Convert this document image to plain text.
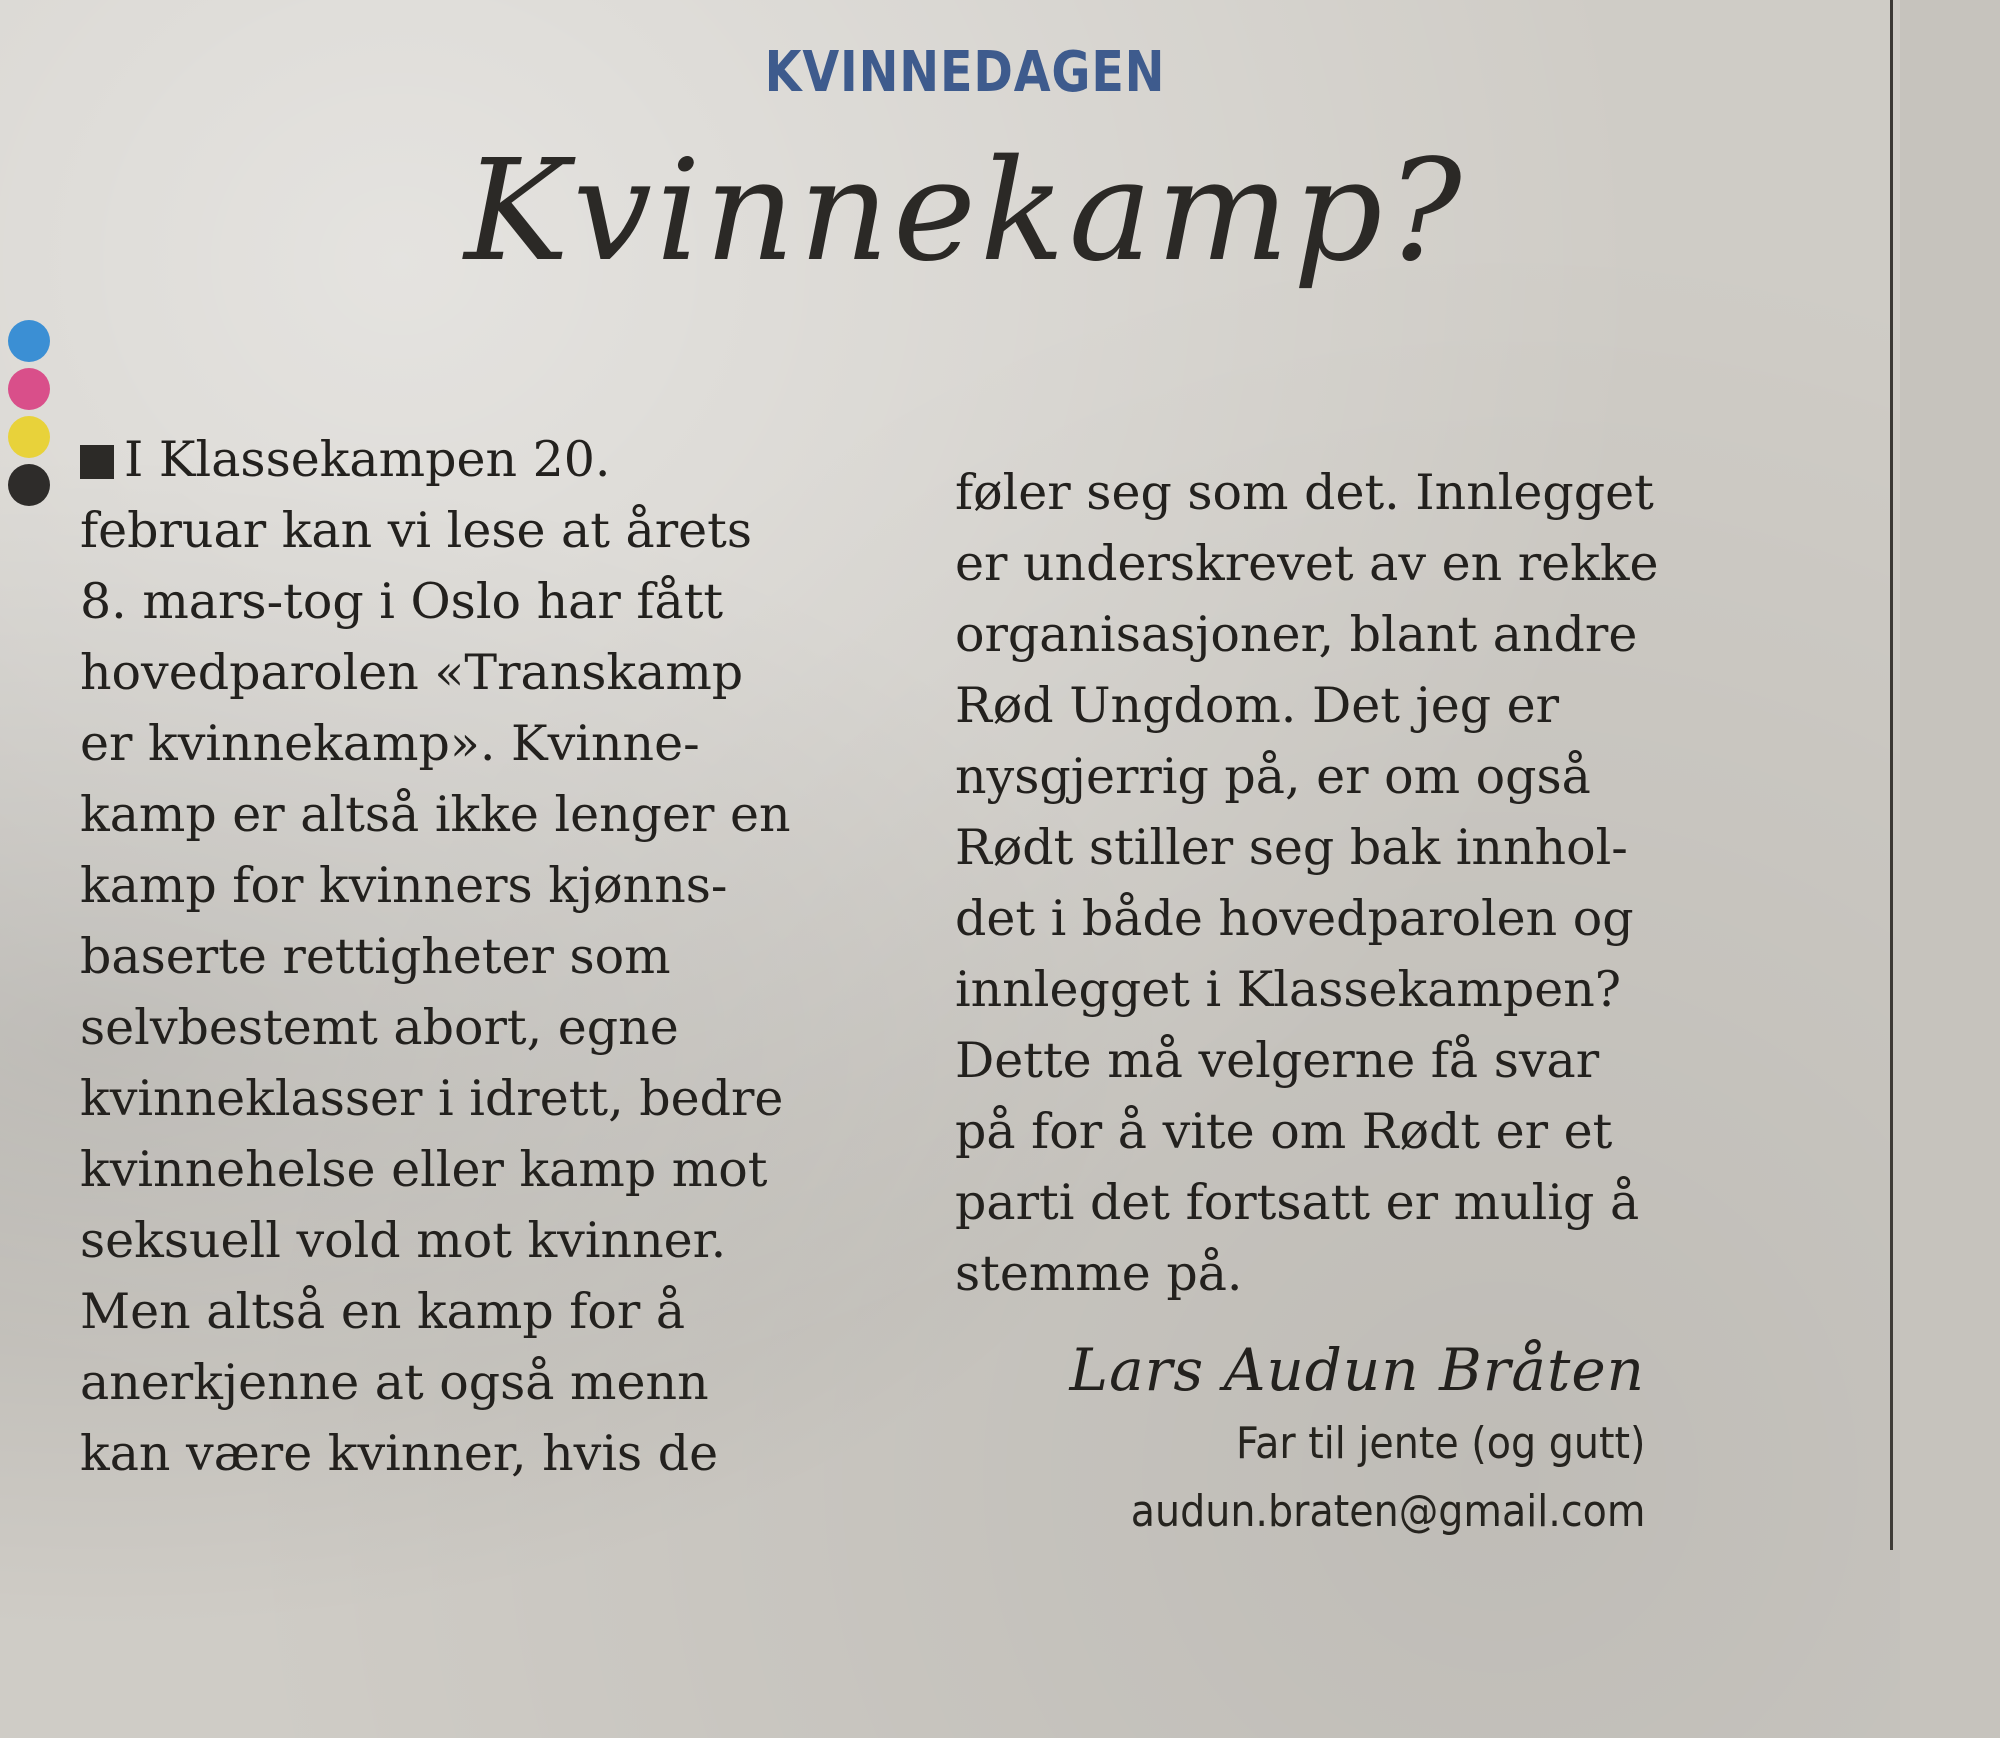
KVINNEDAGEN
Kvinnekamp?
I Klassekampen 20.
februar kan vi lese at årets
8. mars-tog i Oslo har fått
hovedparolen «Transkamp
er kvinnekamp». Kvinne-
kamp er altså ikke lenger en
kamp for kvinners kjønns-
baserte rettigheter som
selvbestemt abort, egne
kvinneklasser i idrett, bedre
kvinnehelse eller kamp mot
seksuell vold mot kvinner.
Men altså en kamp for å
anerkjenne at også menn
kan være kvinner, hvis de
føler seg som det. Innlegget
er underskrevet av en rekke
organisasjoner, blant andre
Rød Ungdom. Det jeg er
nysgjerrig på, er om også
Rødt stiller seg bak innhol-
det i både hovedparolen og
innlegget i Klassekampen?
Dette må velgerne få svar
på for å vite om Rødt er et
parti det fortsatt er mulig å
stemme på.
Lars Audun Bråten
Far til jente (og gutt)
audun.braten@gmail.com
